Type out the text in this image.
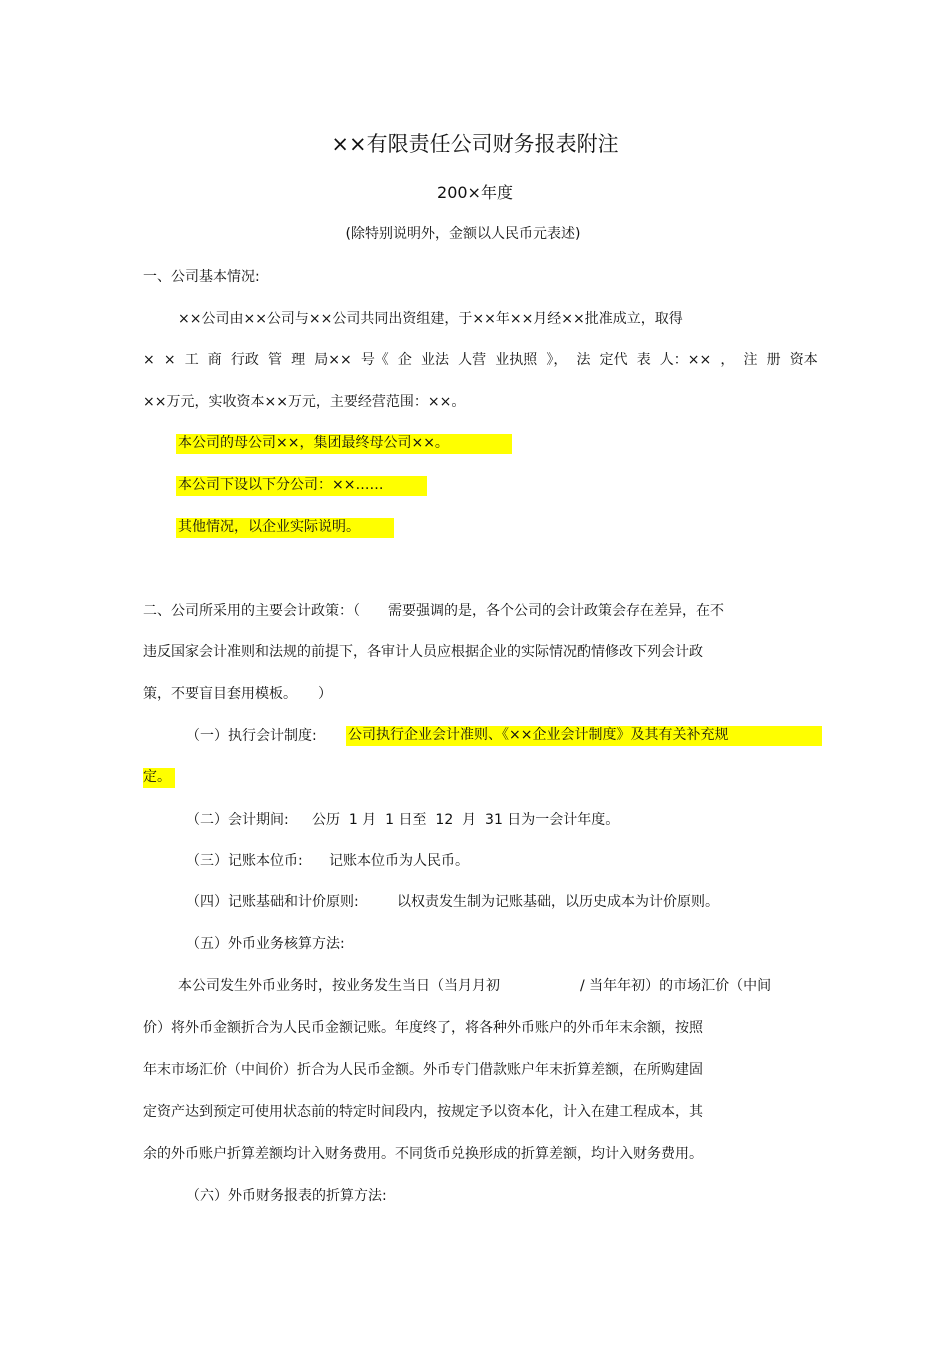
××有限责任公司财务报表附注
200×年度
(除特别说明外，金额以人民币元表述)
一、公司基本情况:
××公司由××公司与××公司共同出资组建，于××年××月经××批准成立，取得
× × 工 商 行政 管 理 局×× 号《 企 业法 人营 业执照 》， 法 定代 表 人：×× ， 注 册 资本
××万元，实收资本××万元，主要经营范围：××。
本公司的母公司××，集团最终母公司××。
本公司下设以下分公司：××……
其他情况，以企业实际说明。
二、公司所采用的主要会计政策：（　　需要强调的是，各个公司的会计政策会存在差异，在不
违反国家会计准则和法规的前提下，各审计人员应根据企业的实际情况酌情修改下列会计政
策，不要盲目套用模板。　　）
（一）执行会计制度: 公司执行企业会计准则、《××企业会计制度》及其有关补充规
定。
（二）会计期间: 公历  1 月  1 日至  12  月  31 日为一会计年度。
（三）记账本位币: 记账本位币为人民币。
（四）记账基础和计价原则:	以权责发生制为记账基础，以历史成本为计价原则。
（五）外币业务核算方法:
本公司发生外币业务时，按业务发生当日（当月月初	/ 当年年初）的市场汇价（中间
价）将外币金额折合为人民币金额记账。年度终了，将各种外币账户的外币年末余额，按照
年末市场汇价（中间价）折合为人民币金额。外币专门借款账户年末折算差额，在所购建固
定资产达到预定可使用状态前的特定时间段内，按规定予以资本化，计入在建工程成本，其
余的外币账户折算差额均计入财务费用。不同货币兑换形成的折算差额，均计入财务费用。
（六）外币财务报表的折算方法:
